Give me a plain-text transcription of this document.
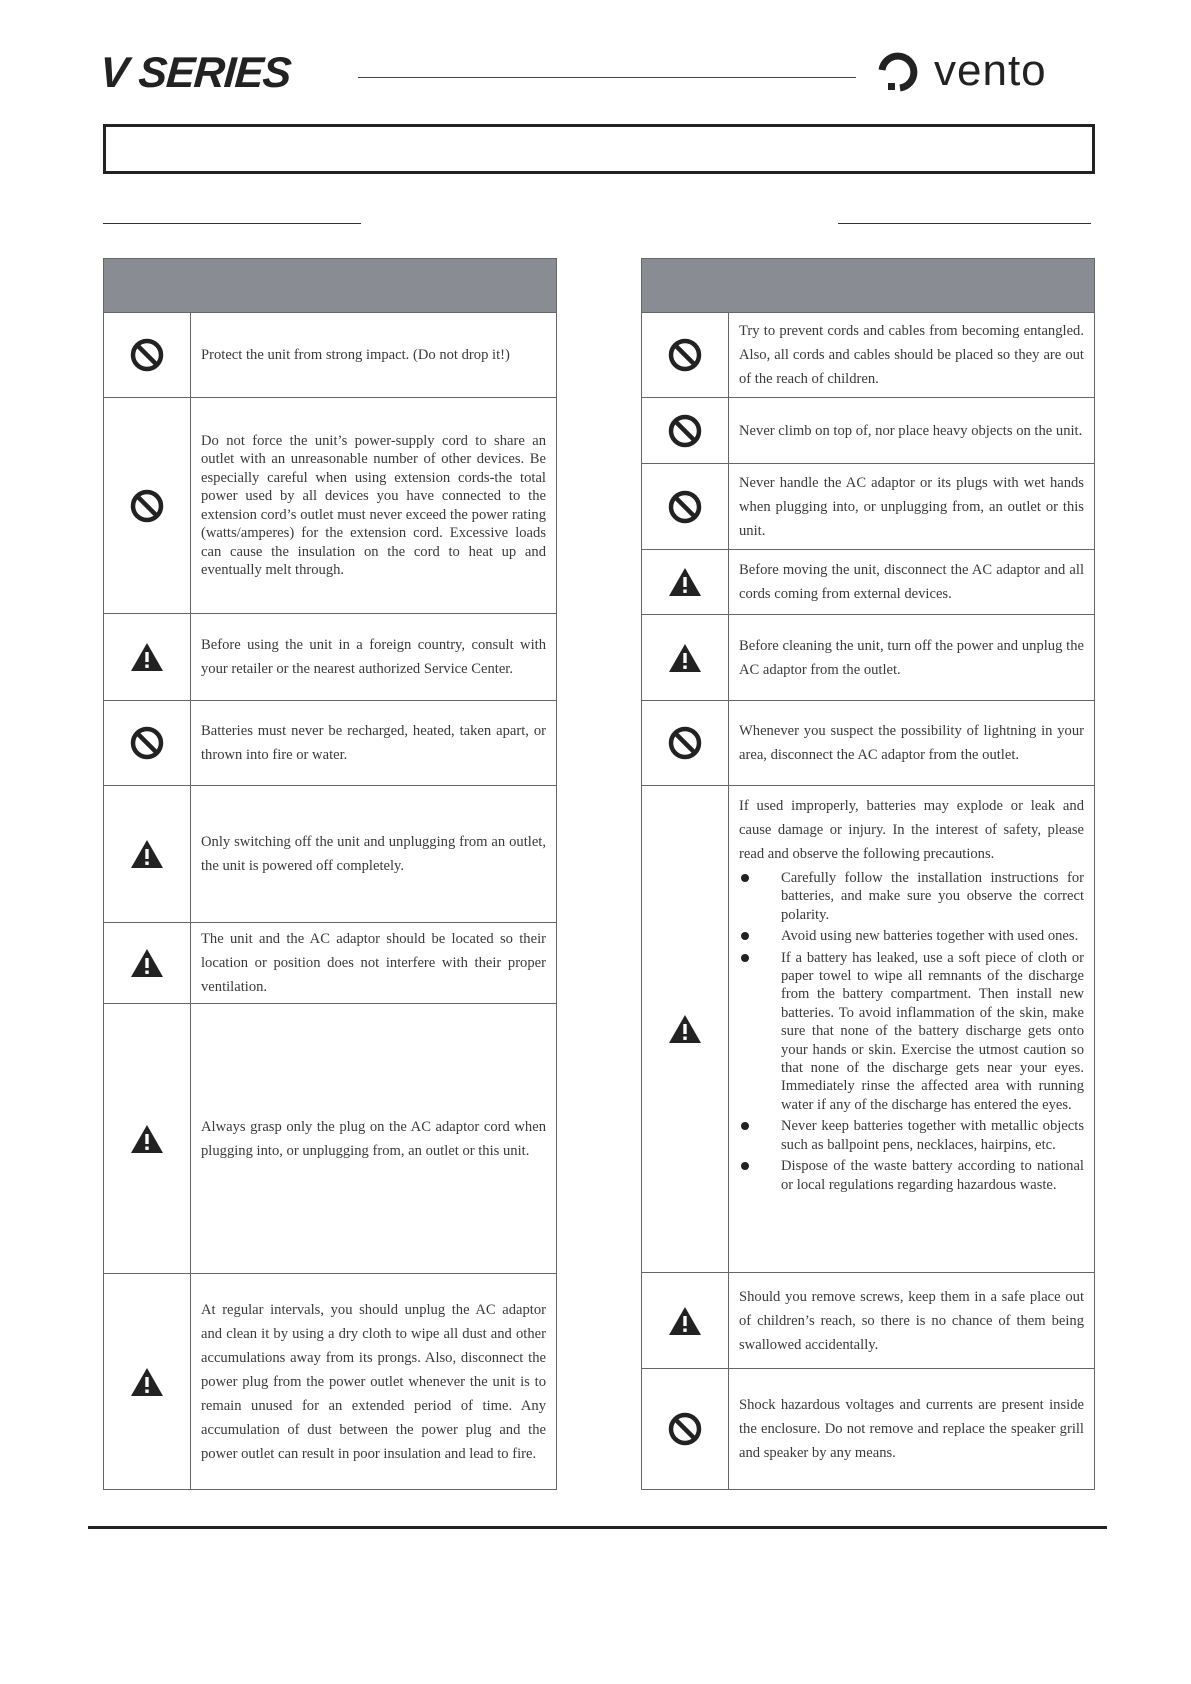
V SERIES	vento

Protect the unit from strong impact. (Do not drop it!)

Do not force the unit’s power-supply cord to share an outlet with an unreasonable number of other devices. Be especially careful when using extension cords-the total power used by all devices you have connected to the extension cord’s outlet must never exceed the power rating (watts/amperes) for the extension cord. Excessive loads can cause the insulation on the cord to heat up and eventually melt through.

Before using the unit in a foreign country, consult with your retailer or the nearest authorized Service Center.

Batteries must never be recharged, heated, taken apart, or thrown into fire or water.

Only switching off the unit and unplugging from an outlet, the unit is powered off completely.

The unit and the AC adaptor should be located so their location or position does not interfere with their proper ventilation.

Always grasp only the plug on the AC adaptor cord when plugging into, or unplugging from, an outlet or this unit.

At regular intervals, you should unplug the AC adaptor and clean it by using a dry cloth to wipe all dust and other accumulations away from its prongs. Also, disconnect the power plug from the power outlet whenever the unit is to remain unused for an extended period of time. Any accumulation of dust between the power plug and the power outlet can result in poor insulation and lead to fire.

Try to prevent cords and cables from becoming entangled. Also, all cords and cables should be placed so they are out of the reach of children.

Never climb on top of, nor place heavy objects on the unit.

Never handle the AC adaptor or its plugs with wet hands when plugging into, or unplugging from, an outlet or this unit.

Before moving the unit, disconnect the AC adaptor and all cords coming from external devices.

Before cleaning the unit, turn off the power and unplug the AC adaptor from the outlet.

Whenever you suspect the possibility of lightning in your area, disconnect the AC adaptor from the outlet.

If used improperly, batteries may explode or leak and cause damage or injury. In the interest of safety, please read and observe the following precautions.

Carefully follow the installation instructions for batteries, and make sure you observe the correct polarity.
Avoid using new batteries together with used ones.
If a battery has leaked, use a soft piece of cloth or paper towel to wipe all remnants of the discharge from the battery compartment. Then install new batteries. To avoid inflammation of the skin, make sure that none of the battery discharge gets onto your hands or skin. Exercise the utmost caution so that none of the discharge gets near your eyes. Immediately rinse the affected area with running water if any of the discharge has entered the eyes.
Never keep batteries together with metallic objects such as ballpoint pens, necklaces, hairpins, etc.
Dispose of the waste battery according to national or local regulations regarding hazardous waste.

Should you remove screws, keep them in a safe place out of children’s reach, so there is no chance of them being swallowed accidentally.

Shock hazardous voltages and currents are present inside the enclosure. Do not remove and replace the speaker grill and speaker by any means.
